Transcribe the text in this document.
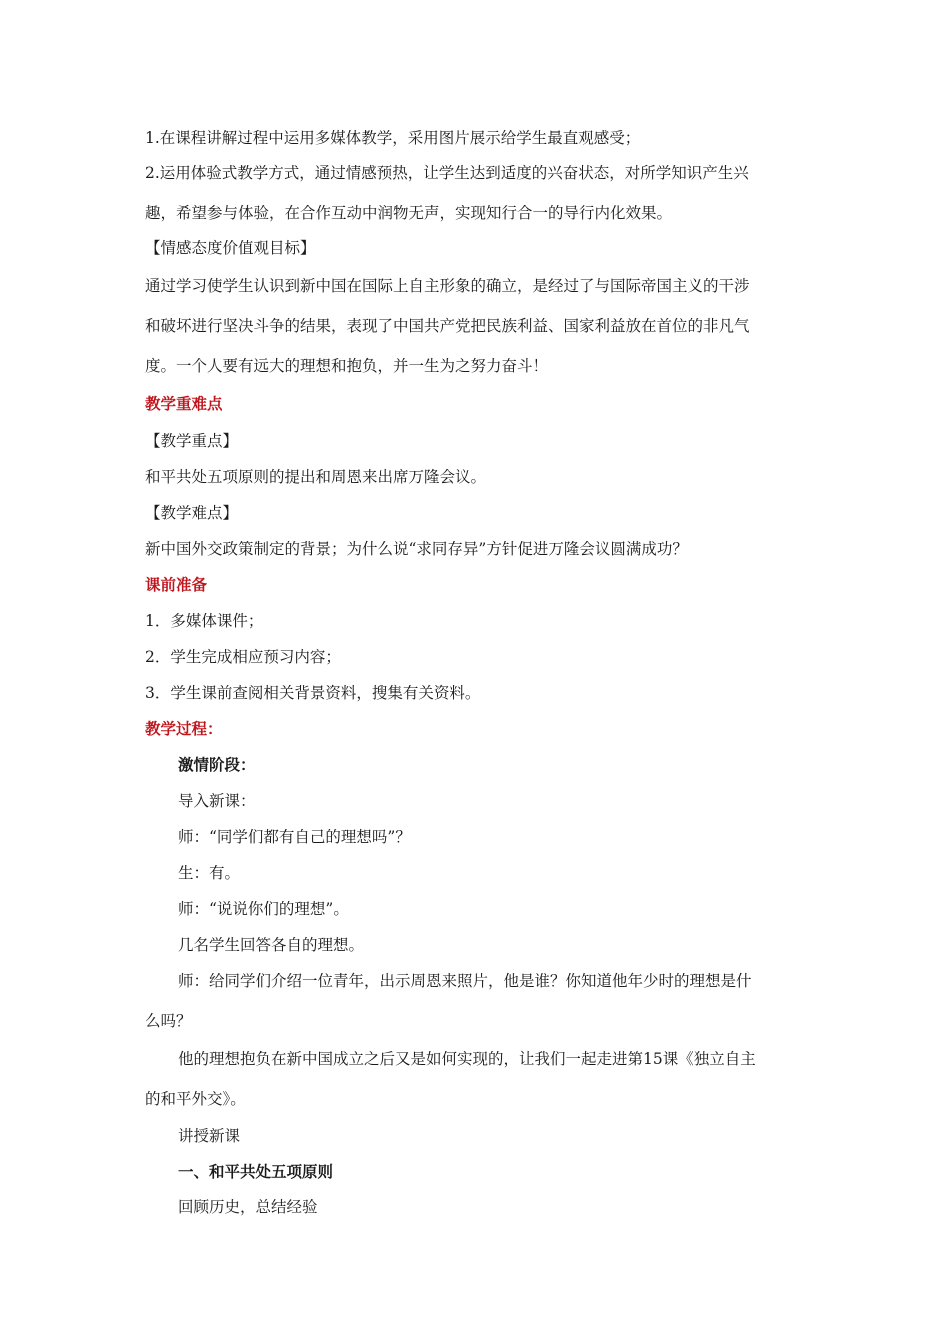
1.在课程讲解过程中运用多媒体教学，采用图片展示给学生最直观感受；
2.运用体验式教学方式，通过情感预热，让学生达到适度的兴奋状态，对所学知识产生兴
趣，希望参与体验，在合作互动中润物无声，实现知行合一的导行内化效果。
【情感态度价值观目标】
通过学习使学生认识到新中国在国际上自主形象的确立，是经过了与国际帝国主义的干涉
和破坏进行坚决斗争的结果，表现了中国共产党把民族利益、国家利益放在首位的非凡气
度。一个人要有远大的理想和抱负，并一生为之努力奋斗！
教学重难点
【教学重点】
和平共处五项原则的提出和周恩来出席万隆会议。
【教学难点】
新中国外交政策制定的背景；为什么说“求同存异”方针促进万隆会议圆满成功？
课前准备
1．多媒体课件；
2．学生完成相应预习内容；
3．学生课前查阅相关背景资料，搜集有关资料。
教学过程：
激情阶段：
导入新课：
师：“同学们都有自己的理想吗”？
生：有。
师：“说说你们的理想”。
几名学生回答各自的理想。
师：给同学们介绍一位青年，出示周恩来照片，他是谁？你知道他年少时的理想是什
么吗？
他的理想抱负在新中国成立之后又是如何实现的，让我们一起走进第15课《独立自主
的和平外交》。
讲授新课
一、和平共处五项原则
回顾历史，总结经验
